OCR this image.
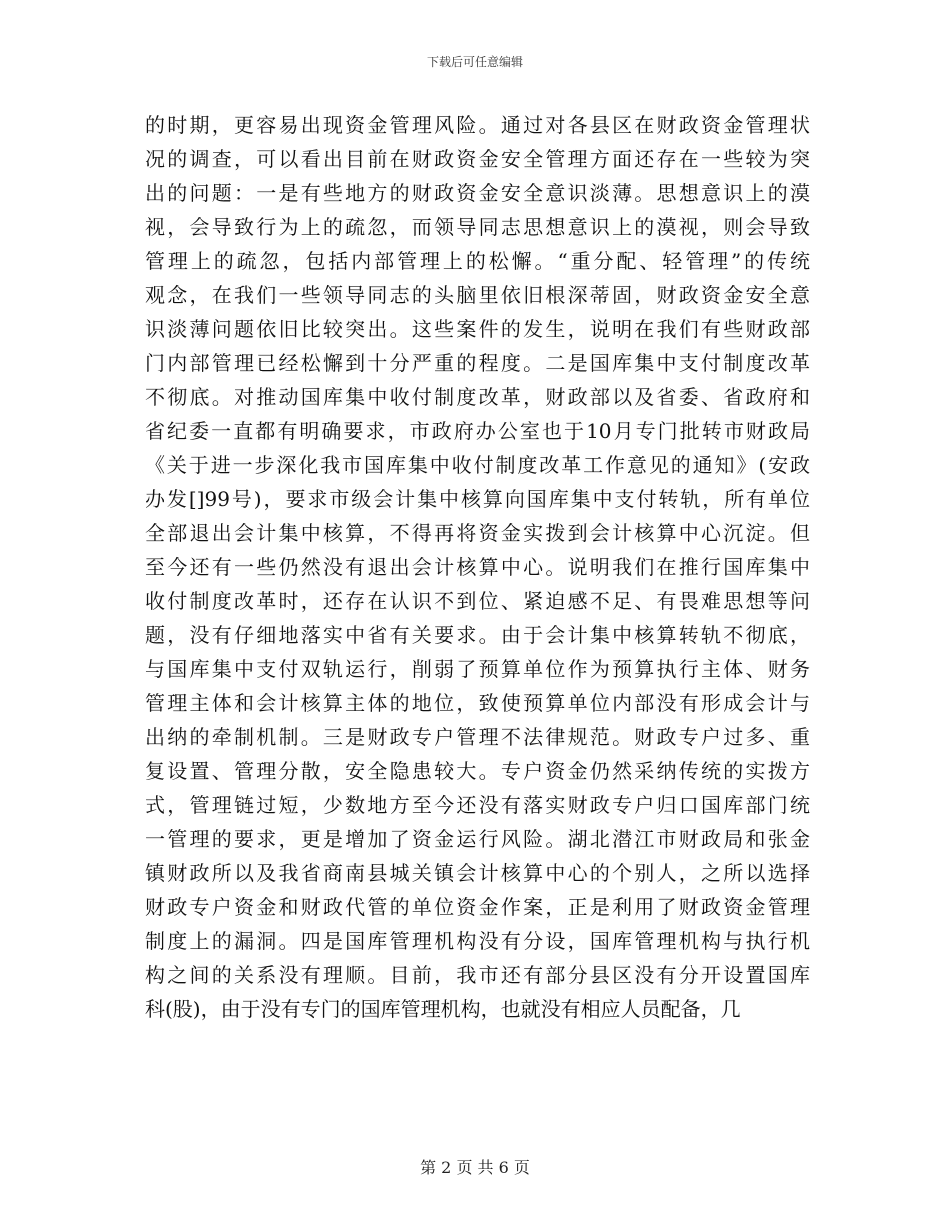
下载后可任意编辑
的时期，更容易出现资金管理风险。通过对各县区在财政资金管理状
况的调查，可以看出目前在财政资金安全管理方面还存在一些较为突
出的问题：一是有些地方的财政资金安全意识淡薄。思想意识上的漠
视，会导致行为上的疏忽，而领导同志思想意识上的漠视，则会导致
管理上的疏忽，包括内部管理上的松懈。“重分配、轻管理”的传统
观念，在我们一些领导同志的头脑里依旧根深蒂固，财政资金安全意
识淡薄问题依旧比较突出。这些案件的发生，说明在我们有些财政部
门内部管理已经松懈到十分严重的程度。二是国库集中支付制度改革
不彻底。对推动国库集中收付制度改革，财政部以及省委、省政府和
省纪委一直都有明确要求，市政府办公室也于10月专门批转市财政局
《关于进一步深化我市国库集中收付制度改革工作意见的通知》(安政
办发[]99号)，要求市级会计集中核算向国库集中支付转轨，所有单位
全部退出会计集中核算，不得再将资金实拨到会计核算中心沉淀。但
至今还有一些仍然没有退出会计核算中心。说明我们在推行国库集中
收付制度改革时，还存在认识不到位、紧迫感不足、有畏难思想等问
题，没有仔细地落实中省有关要求。由于会计集中核算转轨不彻底，
与国库集中支付双轨运行，削弱了预算单位作为预算执行主体、财务
管理主体和会计核算主体的地位，致使预算单位内部没有形成会计与
出纳的牵制机制。三是财政专户管理不法律规范。财政专户过多、重
复设置、管理分散，安全隐患较大。专户资金仍然采纳传统的实拨方
式，管理链过短，少数地方至今还没有落实财政专户归口国库部门统
一管理的要求，更是增加了资金运行风险。湖北潜江市财政局和张金
镇财政所以及我省商南县城关镇会计核算中心的个别人，之所以选择
财政专户资金和财政代管的单位资金作案，正是利用了财政资金管理
制度上的漏洞。四是国库管理机构没有分设，国库管理机构与执行机
构之间的关系没有理顺。目前，我市还有部分县区没有分开设置国库
科(股)，由于没有专门的国库管理机构，也就没有相应人员配备，几
第 2 页 共 6 页
